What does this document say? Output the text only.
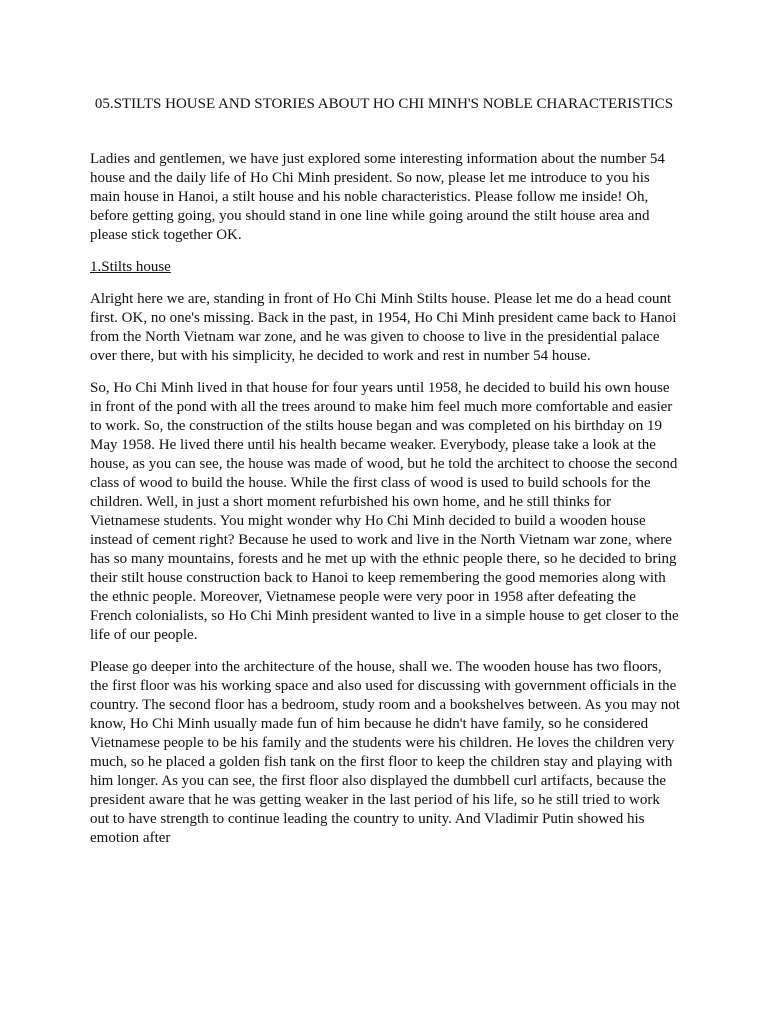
05.STILTS HOUSE AND STORIES ABOUT HO CHI MINH'S NOBLE CHARACTERISTICS

Ladies and gentlemen, we have just explored some interesting information about the number 54 house and the daily life of Ho Chi Minh president. So now, please let me introduce to you his main house in Hanoi, a stilt house and his noble characteristics. Please follow me inside! Oh, before getting going, you should stand in one line while going around the stilt house area and please stick together OK.

1.Stilts house

Alright here we are, standing in front of Ho Chi Minh Stilts house. Please let me do a head count first. OK, no one's missing. Back in the past, in 1954, Ho Chi Minh president came back to Hanoi from the North Vietnam war zone, and he was given to choose to live in the presidential palace over there, but with his simplicity, he decided to work and rest in number 54 house.

So, Ho Chi Minh lived in that house for four years until 1958, he decided to build his own house in front of the pond with all the trees around to make him feel much more comfortable and easier to work. So, the construction of the stilts house began and was completed on his birthday on 19 May 1958. He lived there until his health became weaker. Everybody, please take a look at the house, as you can see, the house was made of wood, but he told the architect to choose the second class of wood to build the house. While the first class of wood is used to build schools for the children. Well, in just a short moment refurbished his own home, and he still thinks for Vietnamese students. You might wonder why Ho Chi Minh decided to build a wooden house instead of cement right? Because he used to work and live in the North Vietnam war zone, where has so many mountains, forests and he met up with the ethnic people there, so he decided to bring their stilt house construction back to Hanoi to keep remembering the good memories along with the ethnic people. Moreover, Vietnamese people were very poor in 1958 after defeating the French colonialists, so Ho Chi Minh president wanted to live in a simple house to get closer to the life of our people.

Please go deeper into the architecture of the house, shall we. The wooden house has two floors, the first floor was his working space and also used for discussing with government officials in the country. The second floor has a bedroom, study room and a bookshelves between. As you may not know, Ho Chi Minh usually made fun of him because he didn't have family, so he considered Vietnamese people to be his family and the students were his children. He loves the children very much, so he placed a golden fish tank on the first floor to keep the children stay and playing with him longer. As you can see, the first floor also displayed the dumbbell curl artifacts, because the president aware that he was getting weaker in the last period of his life, so he still tried to work out to have strength to continue leading the country to unity. And Vladimir Putin showed his emotion after
